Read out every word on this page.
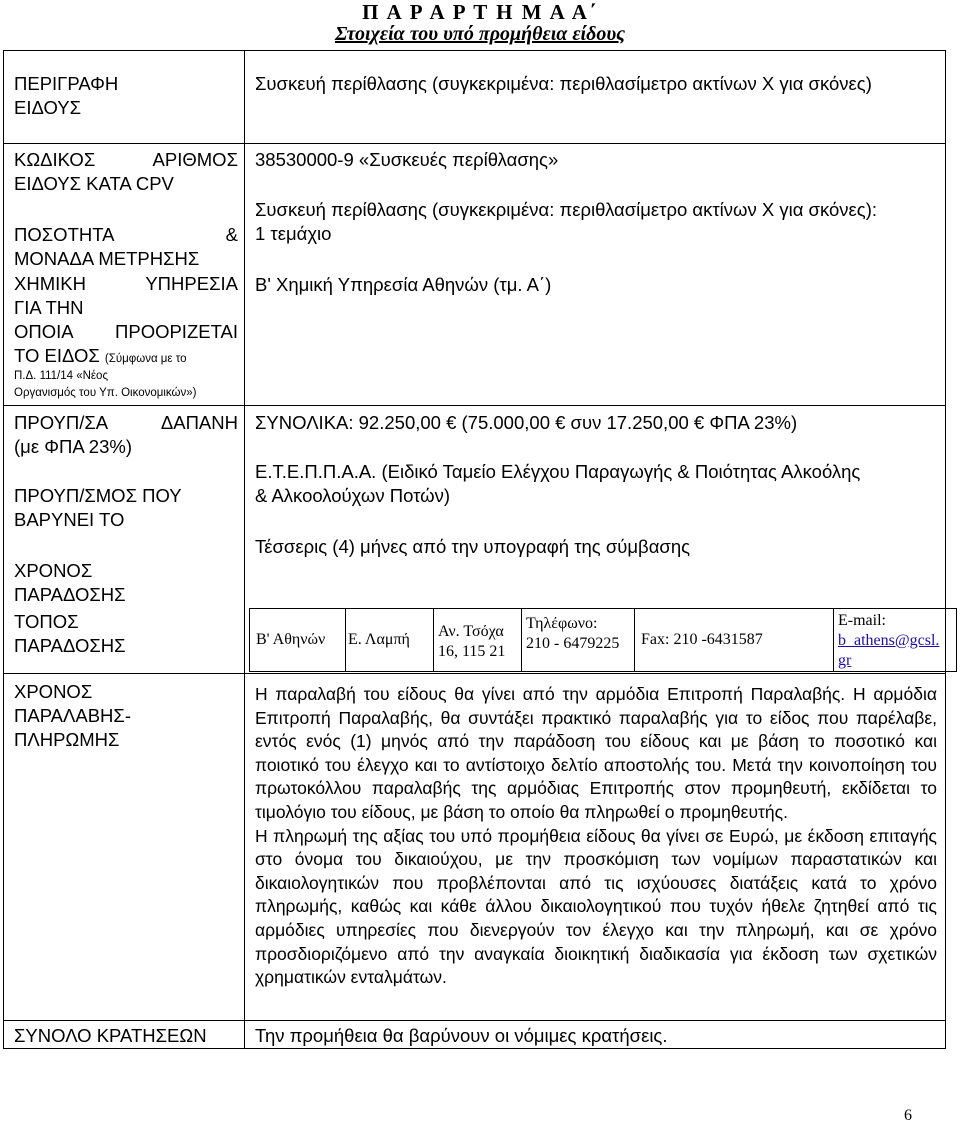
Π Α Ρ Α Ρ Τ Η Μ Α Α΄
Στοιχεία του υπό προμήθεια είδους
ΠΕΡΙΓΡΑΦΗ
ΕΙΔΟΥΣ
Συσκευή περίθλασης (συγκεκριμένα: περιθλασίμετρο ακτίνων Χ για σκόνες)
ΚΩΔΙΚΟΣ ΑΡΙΘΜΟΣ
ΕΙΔΟΥΣ ΚΑΤΑ CPV
38530000-9 «Συσκευές περίθλασης»
ΠΟΣΟΤΗΤΑ &
ΜΟΝΑΔΑ ΜΕΤΡΗΣΗΣ
Συσκευή περίθλασης (συγκεκριμένα: περιθλασίμετρο ακτίνων Χ για σκόνες):
1 τεμάχιο
ΧΗΜΙΚΗ ΥΠΗΡΕΣΙΑ
ΓΙΑ ΤΗΝ
ΟΠΟΙΑ ΠΡΟΟΡΙΖΕΤΑΙ
ΤΟ ΕΙΔΟΣ (Σύμφωνα με το
Π.Δ. 111/14 «Νέος
Οργανισμός του Υπ. Οικονομικών»)
Β' Χημική Υπηρεσία Αθηνών (τμ. Α΄)
ΠΡΟΥΠ/ΣΑ ΔΑΠΑΝΗ
(με ΦΠΑ 23%)
ΣΥΝΟΛΙΚΑ: 92.250,00 € (75.000,00 € συν 17.250,00 € ΦΠΑ 23%)
ΠΡΟΥΠ/ΣΜΟΣ ΠΟΥ
ΒΑΡΥΝΕΙ ΤΟ
Ε.Τ.Ε.Π.Π.Α.Α. (Ειδικό Ταμείο Ελέγχου Παραγωγής & Ποιότητας Αλκοόλης
& Αλκοολούχων Ποτών)
ΧΡΟΝΟΣ
ΠΑΡΑΔΟΣΗΣ
Τέσσερις (4) μήνες από την υπογραφή της σύμβασης
ΤΟΠΟΣ
ΠΑΡΑΔΟΣΗΣ	Β' Αθηνών Ε. Λαμπή Αν. Τσόχα
16, 115 21
Τηλέφωνο:
210 - 6479225 Fax: 210 -6431587
E-mail:
b_athens@gcsl.
gr
ΧΡΟΝΟΣ
ΠΑΡΑΛΑΒΗΣ-
ΠΛΗΡΩΜΗΣ

Η παραλαβή του είδους θα γίνει από την αρμόδια Επιτροπή Παραλαβής. Η αρμόδια Επιτροπή Παραλαβής, θα συντάξει πρακτικό παραλαβής για το είδος που παρέλαβε, εντός ενός (1) μηνός από την παράδοση του είδους και με βάση το ποσοτικό και ποιοτικό του έλεγχο και το αντίστοιχο δελτίο αποστολής του. Μετά την κοινοποίηση του πρωτοκόλλου παραλαβής της αρμόδιας Επιτροπής στον προμηθευτή, εκδίδεται το τιμολόγιο του είδους, με βάση το οποίο θα πληρωθεί ο προμηθευτής.

Η πληρωμή της αξίας του υπό προμήθεια είδους θα γίνει σε Ευρώ, με έκδοση επιταγής στο όνομα του δικαιούχου, με την προσκόμιση των νομίμων παραστατικών και δικαιολογητικών που προβλέπονται από τις ισχύουσες διατάξεις κατά το χρόνο πληρωμής, καθώς και κάθε άλλου δικαιολογητικού που τυχόν ήθελε ζητηθεί από τις αρμόδιες υπηρεσίες που διενεργούν τον έλεγχο και την πληρωμή, και σε χρόνο προσδιοριζόμενο από την αναγκαία διοικητική διαδικασία για έκδοση των σχετικών χρηματικών ενταλμάτων.

ΣΥΝΟΛΟ ΚΡΑΤΗΣΕΩΝ	Την προμήθεια θα βαρύνουν οι νόμιμες κρατήσεις.
6
